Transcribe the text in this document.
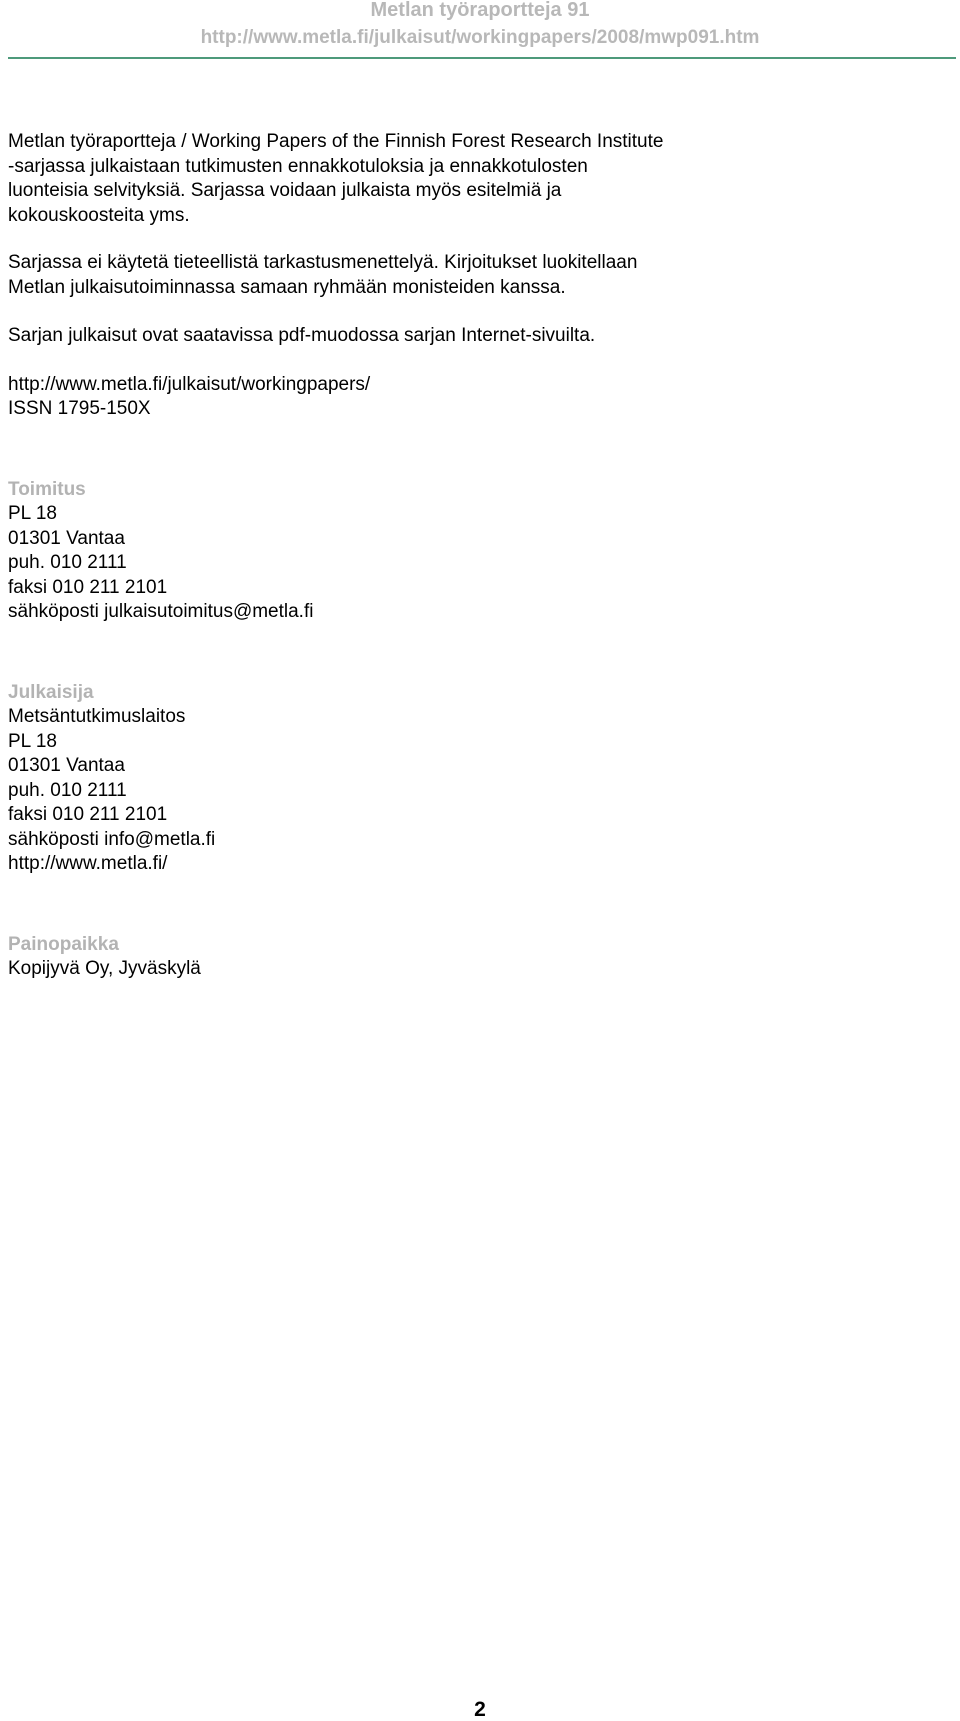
Metlan työraportteja 91
http://www.metla.fi/julkaisut/workingpapers/2008/mwp091.htm

Metlan työraportteja / Working Papers of the Finnish Forest Research Institute

-sarjassa julkaistaan tutkimusten ennakkotuloksia ja ennakkotulosten

luonteisia selvityksiä. Sarjassa voidaan julkaista myös esitelmiä ja

kokouskoosteita yms.

Sarjassa ei käytetä tieteellistä tarkastusmenettelyä. Kirjoitukset luokitellaan

Metlan julkaisutoiminnassa samaan ryhmään monisteiden kanssa.

Sarjan julkaisut ovat saatavissa pdf-muodossa sarjan Internet-sivuilta.

http://www.metla.fi/julkaisut/workingpapers/

ISSN 1795-150X

Toimitus

PL 18

01301 Vantaa

puh. 010 2111

faksi 010 211 2101

sähköposti julkaisutoimitus@metla.fi

Julkaisija

Metsäntutkimuslaitos

PL 18

01301 Vantaa

puh. 010 2111

faksi 010 211 2101

sähköposti info@metla.fi

http://www.metla.fi/

Painopaikka

Kopijyvä Oy, Jyväskylä

2
